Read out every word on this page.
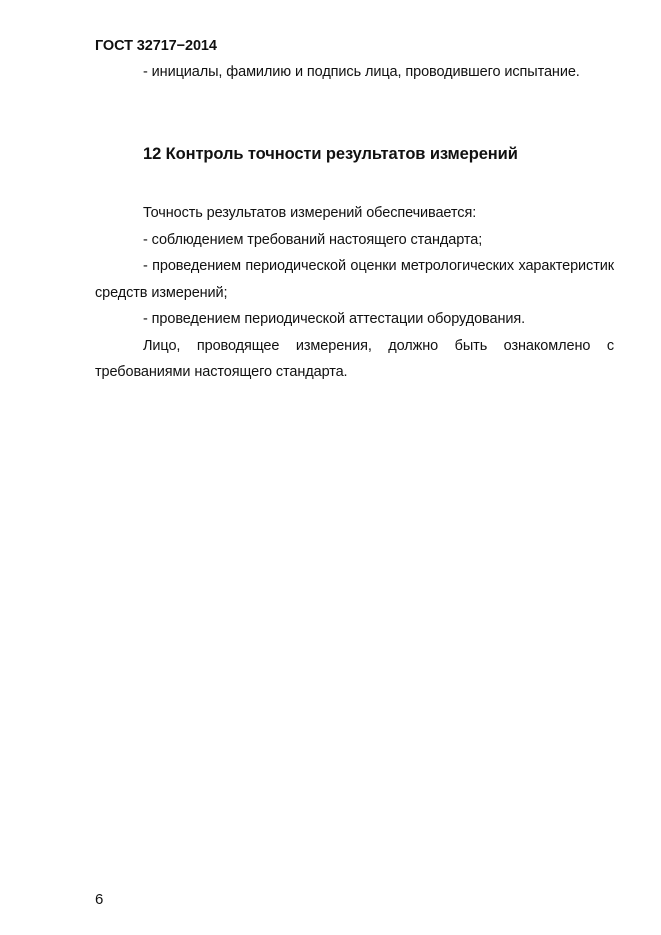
ГОСТ 32717−2014

- инициалы, фамилию и подпись лица, проводившего испытание.

12 Контроль точности результатов измерений

Точность результатов измерений обеспечивается:

- соблюдением требований настоящего стандарта;

- проведением периодической оценки метрологических характеристик средств измерений;

- проведением периодической аттестации оборудования.

Лицо, проводящее измерения, должно быть ознакомлено с требованиями настоящего стандарта.

6
